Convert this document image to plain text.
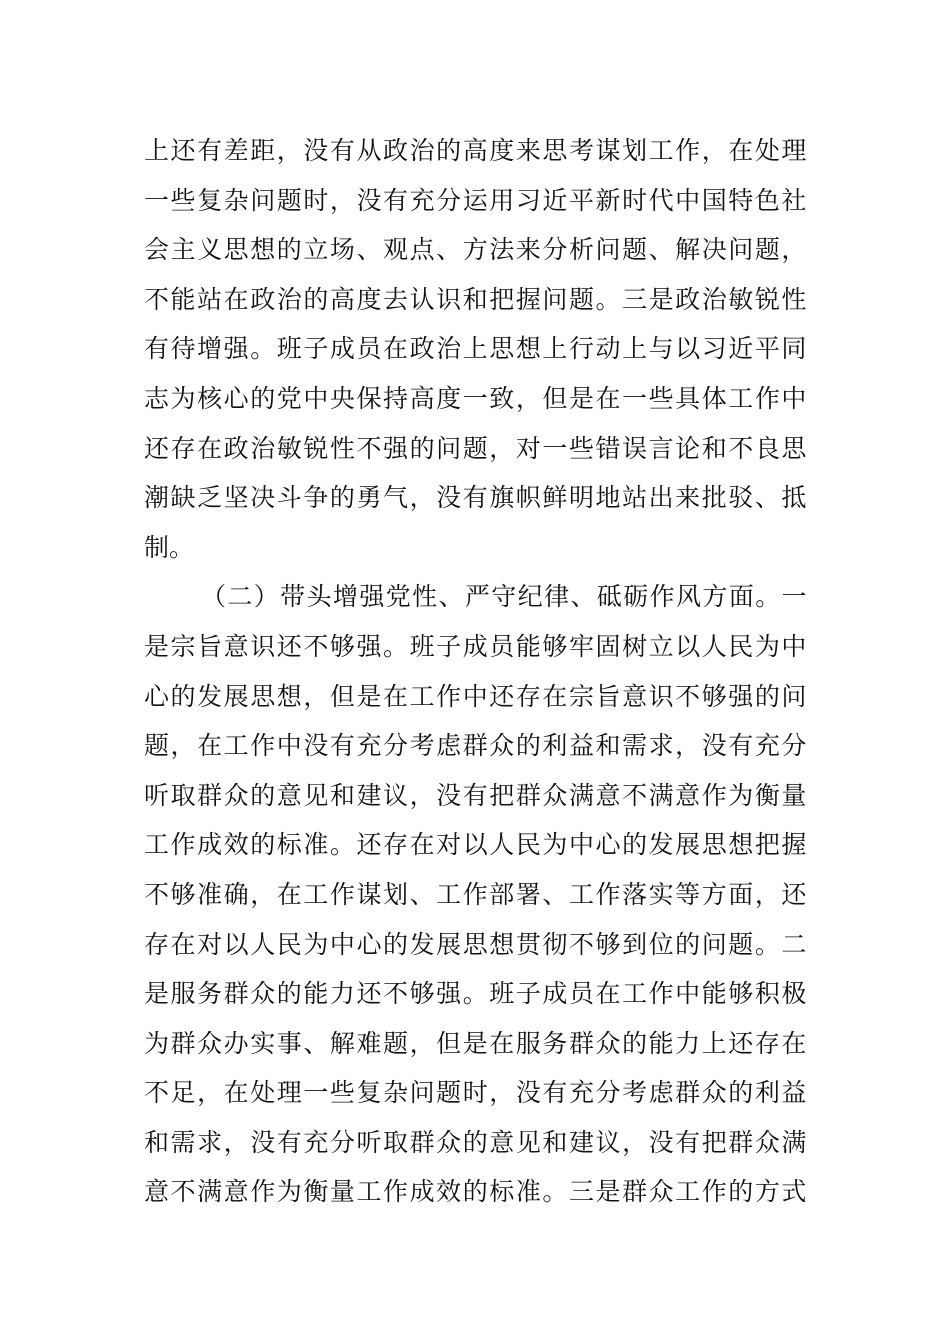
上还有差距，没有从政治的高度来思考谋划工作，在处理
一些复杂问题时，没有充分运用习近平新时代中国特色社
会主义思想的立场、观点、方法来分析问题、解决问题，
不能站在政治的高度去认识和把握问题。三是政治敏锐性
有待增强。班子成员在政治上思想上行动上与以习近平同
志为核心的党中央保持高度一致，但是在一些具体工作中
还存在政治敏锐性不强的问题，对一些错误言论和不良思
潮缺乏坚决斗争的勇气，没有旗帜鲜明地站出来批驳、抵
制。
（二）带头增强党性、严守纪律、砥砺作风方面。一
是宗旨意识还不够强。班子成员能够牢固树立以人民为中
心的发展思想，但是在工作中还存在宗旨意识不够强的问
题，在工作中没有充分考虑群众的利益和需求，没有充分
听取群众的意见和建议，没有把群众满意不满意作为衡量
工作成效的标准。还存在对以人民为中心的发展思想把握
不够准确，在工作谋划、工作部署、工作落实等方面，还
存在对以人民为中心的发展思想贯彻不够到位的问题。二
是服务群众的能力还不够强。班子成员在工作中能够积极
为群众办实事、解难题，但是在服务群众的能力上还存在
不足，在处理一些复杂问题时，没有充分考虑群众的利益
和需求，没有充分听取群众的意见和建议，没有把群众满
意不满意作为衡量工作成效的标准。三是群众工作的方式
